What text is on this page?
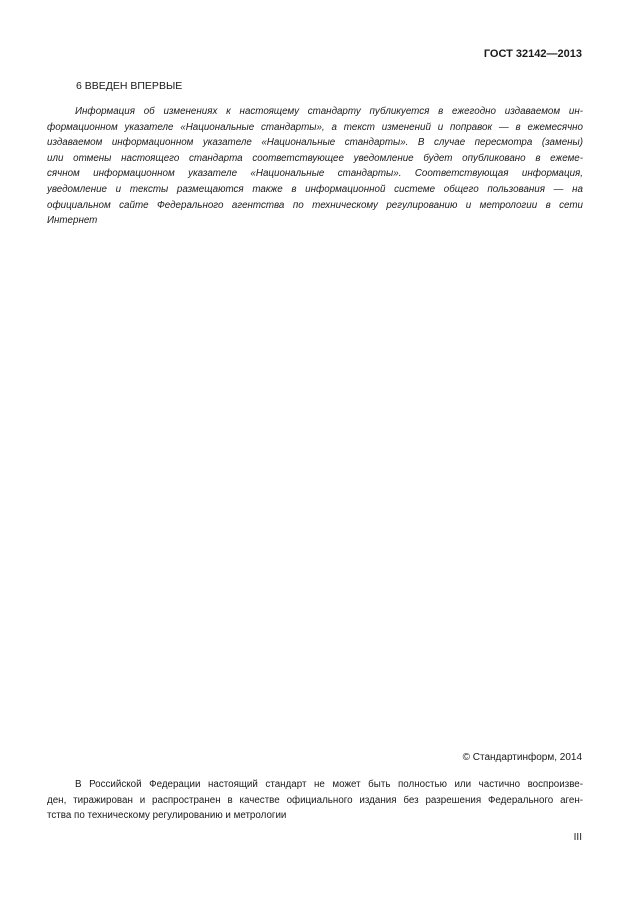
ГОСТ 32142—2013
6 ВВЕДЕН ВПЕРВЫЕ
Информация об изменениях к настоящему стандарту публикуется в ежегодно издаваемом ин-
формационном указателе «Национальные стандарты», а текст изменений и поправок — в ежемесячно
издаваемом информационном указателе «Национальные стандарты». В случае пересмотра (замены)
или отмены настоящего стандарта соответствующее уведомление будет опубликовано в ежеме-
сячном информационном указателе «Национальные стандарты». Соответствующая информация,
уведомление и тексты размещаются также в информационной системе общего пользования — на
официальном сайте Федерального агентства по техническому регулированию и метрологии в сети
Интернет
© Стандартинформ, 2014
В Российской Федерации настоящий стандарт не может быть полностью или частично воспроизве-
ден, тиражирован и распространен в качестве официального издания без разрешения Федерального аген-
тства по техническому регулированию и метрологии
III
